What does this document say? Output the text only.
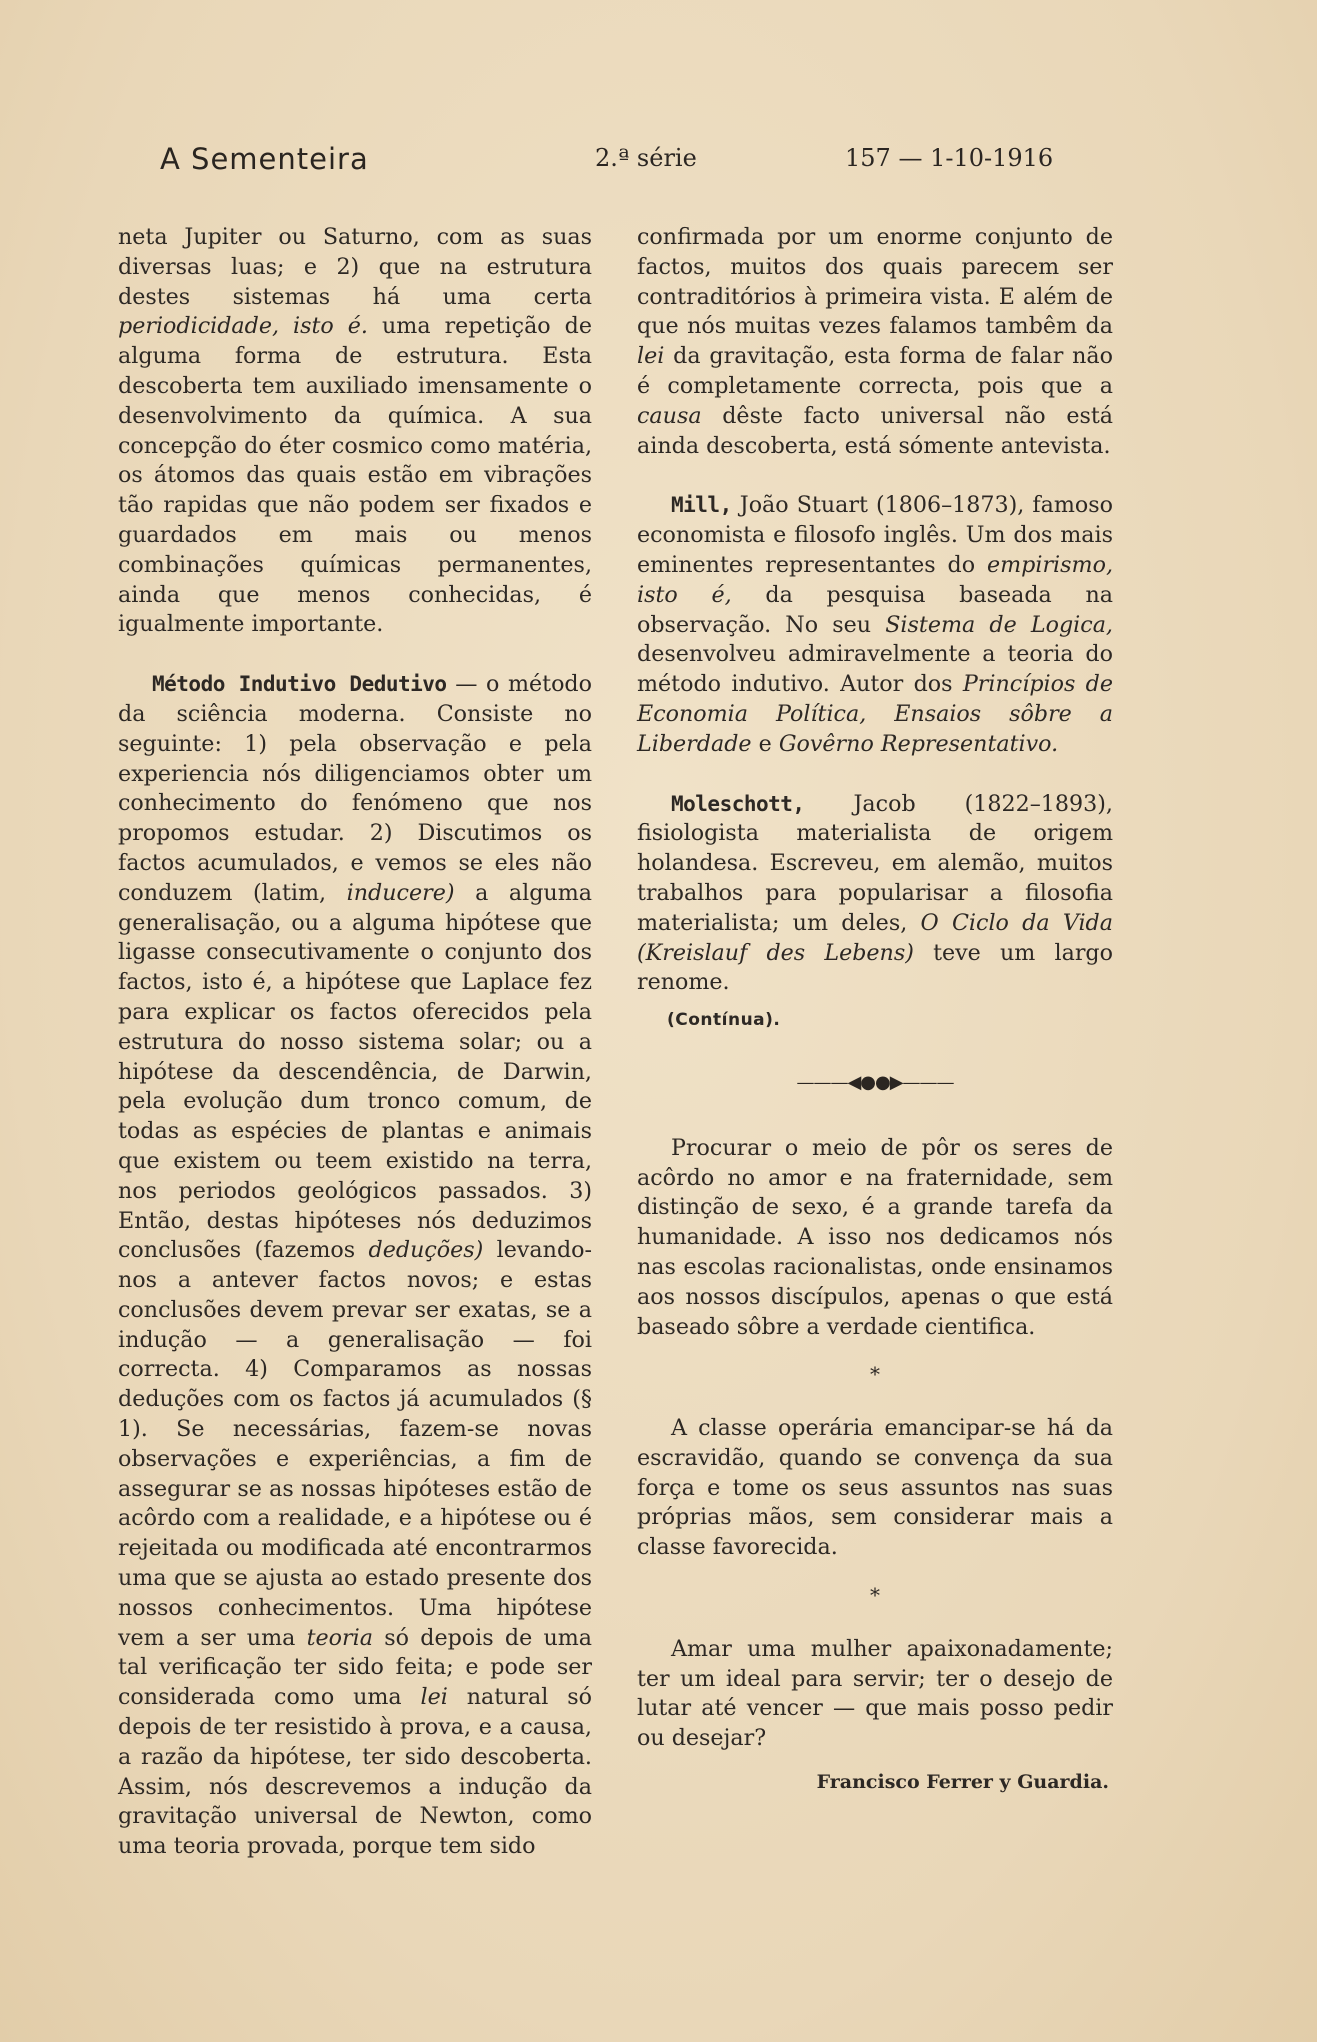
A Sementeira	2.ª série	157 — 1-10-1916

neta Jupiter ou Saturno, com as suas diversas luas; e 2) que na estrutura destes sistemas há uma certa periodicidade, isto é. uma repetição de alguma forma de estrutura. Esta descoberta tem auxiliado imensamente o desenvolvimento da química. A sua concepção do éter cosmico como matéria, os átomos das quais estão em vibrações tão rapidas que não podem ser fixados e guardados em mais ou menos combinações químicas permanentes, ainda que menos conhecidas, é igualmente importante.

Método Indutivo Dedutivo — o método da sciência moderna. Consiste no seguinte: 1) pela observação e pela experiencia nós diligenciamos obter um conhecimento do fenómeno que nos propomos estudar. 2) Discutimos os factos acumulados, e vemos se eles não conduzem (latim, inducere) a alguma generalisação, ou a alguma hipótese que ligasse consecutivamente o conjunto dos factos, isto é, a hipótese que Laplace fez para explicar os factos oferecidos pela estrutura do nosso sistema solar; ou a hipótese da descendência, de Darwin, pela evolução dum tronco comum, de todas as espécies de plantas e animais que existem ou teem existido na terra, nos periodos geológicos passados. 3) Então, destas hipóteses nós deduzimos conclusões (fazemos deduções) levando-nos a antever factos novos; e estas conclusões devem prevar ser exatas, se a indução — a generalisação — foi correcta. 4) Comparamos as nossas deduções com os factos já acumulados (§ 1). Se necessárias, fazem-se novas observações e experiências, a fim de assegurar se as nossas hipóteses estão de acôrdo com a realidade, e a hipótese ou é rejeitada ou modificada até encontrarmos uma que se ajusta ao estado presente dos nossos conhecimentos. Uma hipótese vem a ser uma teoria só depois de uma tal verificação ter sido feita; e pode ser considerada como uma lei natural só depois de ter resistido à prova, e a causa, a razão da hipótese, ter sido descoberta. Assim, nós descrevemos a indução da gravitação universal de Newton, como uma teoria provada, porque tem sido

confirmada por um enorme conjunto de factos, muitos dos quais parecem ser contraditórios à primeira vista. E além de que nós muitas vezes falamos tambêm da lei da gravitação, esta forma de falar não é completamente correcta, pois que a causa dêste facto universal não está ainda descoberta, está sómente antevista.

Mill, João Stuart (1806–1873), famoso economista e filosofo inglês. Um dos mais eminentes representantes do empirismo, isto é, da pesquisa baseada na observação. No seu Sistema de Logica, desenvolveu admiravelmente a teoria do método indutivo. Autor dos Princípios de Economia Política, Ensaios sôbre a Liberdade e Govêrno Representativo.

Moleschott, Jacob (1822–1893), fisiologista materialista de origem holandesa. Escreveu, em alemão, muitos trabalhos para popularisar a filosofia materialista; um deles, O Ciclo da Vida (Kreislauf des Lebens) teve um largo renome.

(Contínua).

———◀●●▶———

Procurar o meio de pôr os seres de acôrdo no amor e na fraternidade, sem distinção de sexo, é a grande tarefa da humanidade. A isso nos dedicamos nós nas escolas racionalistas, onde ensinamos aos nossos discípulos, apenas o que está baseado sôbre a verdade cientifica.

*

A classe operária emancipar-se há da escravidão, quando se convença da sua força e tome os seus assuntos nas suas próprias mãos, sem considerar mais a classe favorecida.

*

Amar uma mulher apaixonadamente; ter um ideal para servir; ter o desejo de lutar até vencer — que mais posso pedir ou desejar?

Francisco Ferrer y Guardia.
